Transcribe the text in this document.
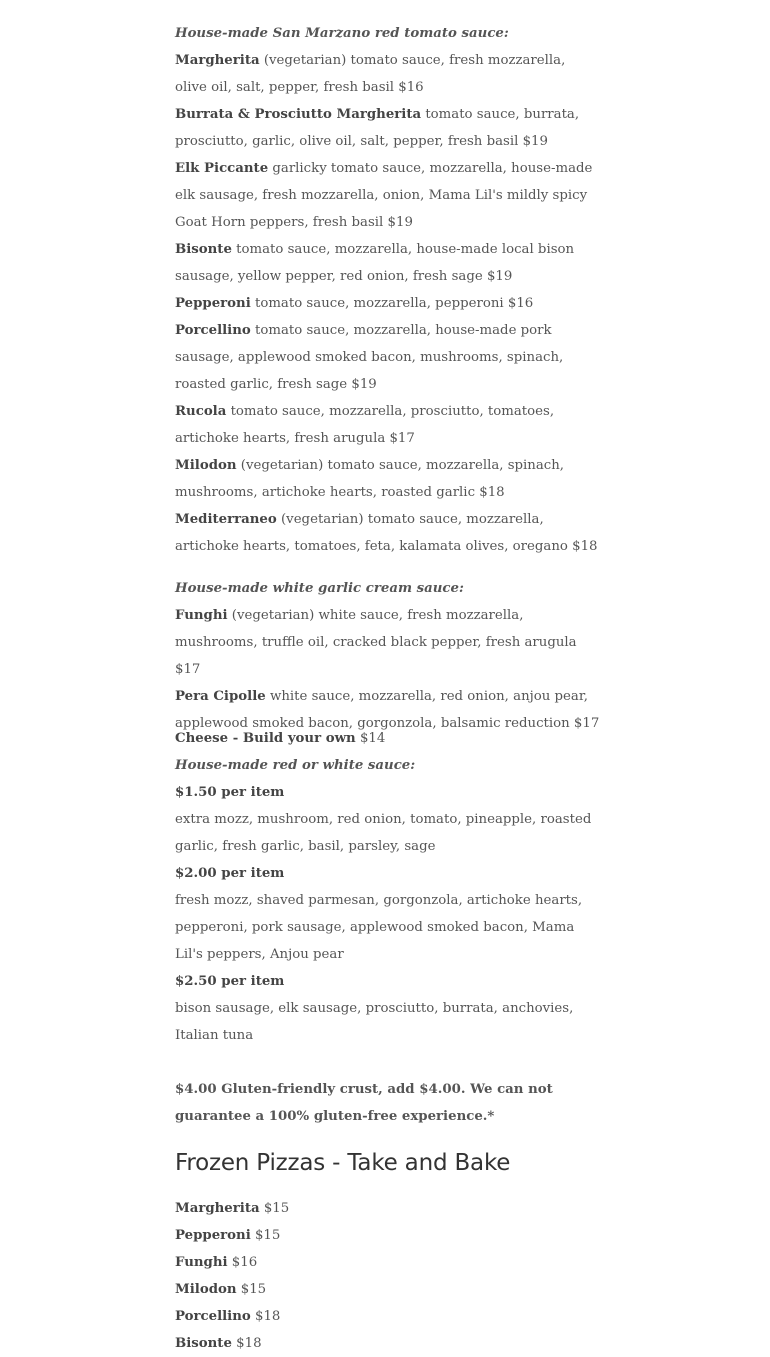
House-made San Marzano red tomato sauce:

Margherita (vegetarian) tomato sauce, fresh mozzarella, olive oil, salt, pepper, fresh basil $16

Burrata & Prosciutto Margherita tomato sauce, burrata, prosciutto, garlic, olive oil, salt, pepper, fresh basil $19

Elk Piccante garlicky tomato sauce, mozzarella, house-made elk sausage, fresh mozzarella, onion, Mama Lil's mildly spicy Goat Horn peppers, fresh basil $19

Bisonte tomato sauce, mozzarella, house-made local bison sausage, yellow pepper, red onion, fresh sage $19

Pepperoni tomato sauce, mozzarella, pepperoni $16

Porcellino tomato sauce, mozzarella, house-made pork sausage, applewood smoked bacon, mushrooms, spinach, roasted garlic, fresh sage $19

Rucola tomato sauce, mozzarella, prosciutto, tomatoes, artichoke hearts, fresh arugula $17

Milodon (vegetarian) tomato sauce, mozzarella, spinach, mushrooms, artichoke hearts, roasted garlic $18

Mediterraneo (vegetarian) tomato sauce, mozzarella, artichoke hearts, tomatoes, feta, kalamata olives, oregano $18

House-made white garlic cream sauce:

Funghi (vegetarian) white sauce, fresh mozzarella, mushrooms, truffle oil, cracked black pepper, fresh arugula $17

Pera Cipolle white sauce, mozzarella, red onion, anjou pear, applewood smoked bacon, gorgonzola, balsamic reduction $17

Cheese - Build your own $14

House-made red or white sauce:

$1.50 per item

extra mozz, mushroom, red onion, tomato, pineapple, roasted garlic, fresh garlic, basil, parsley, sage

$2.00 per item

fresh mozz, shaved parmesan, gorgonzola, artichoke hearts, pepperoni, pork sausage, applewood smoked bacon, Mama Lil's peppers, Anjou pear

$2.50 per item

bison sausage, elk sausage, prosciutto, burrata, anchovies, Italian tuna

$4.00 Gluten-friendly crust, add $4.00. We can not guarantee a 100% gluten-free experience.*

Frozen Pizzas - Take and Bake

Margherita $15

Pepperoni $15

Funghi $16

Milodon $15

Porcellino $18

Bisonte $18
